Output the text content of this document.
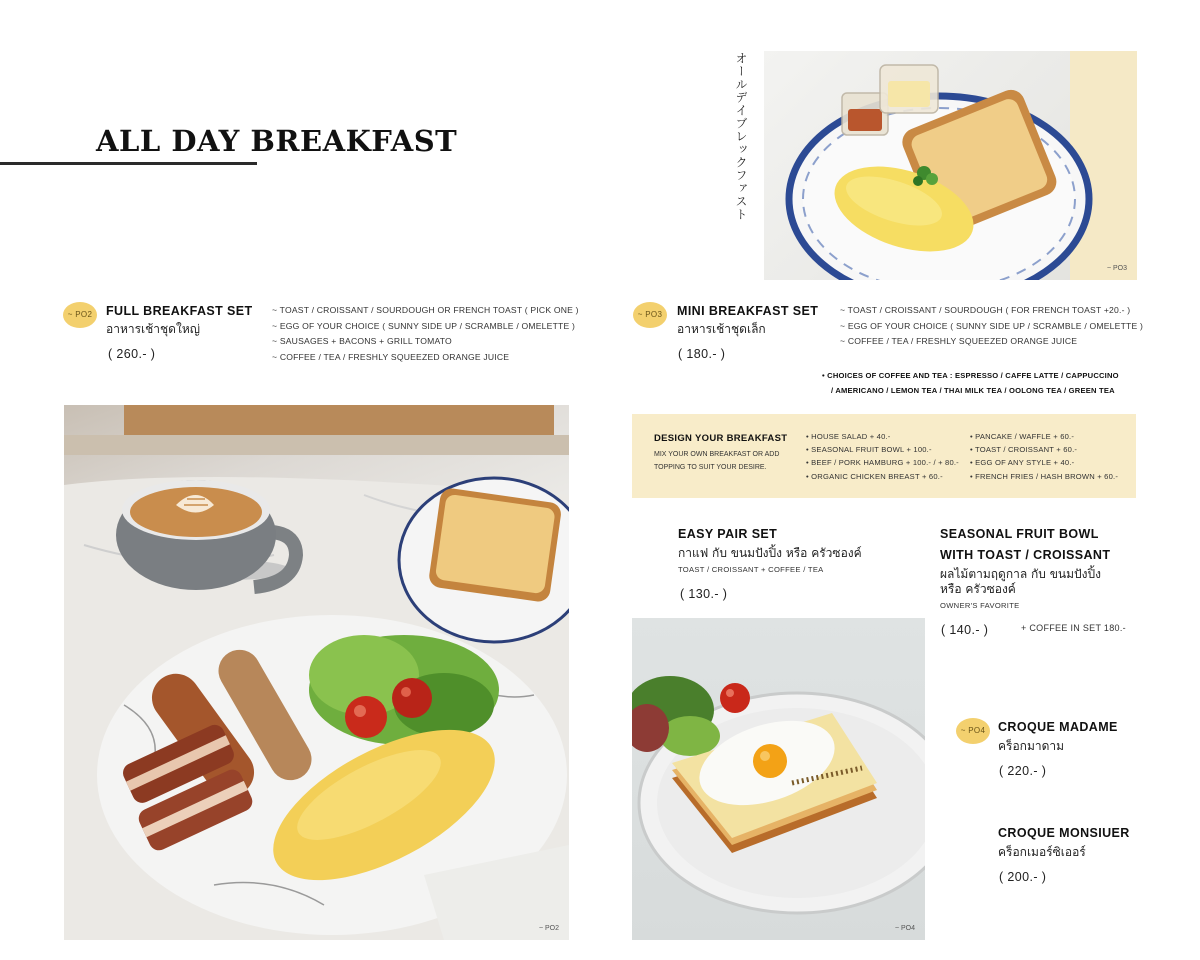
ALL DAY BREAKFAST	オールデイブレックファスト
~ PO3
~ PO2	FULL BREAKFAST SET
อาหารเช้าชุดใหญ่
( 260.- )
~ TOAST / CROISSANT / SOURDOUGH OR FRENCH TOAST ( PICK ONE )
~ EGG OF YOUR CHOICE ( SUNNY SIDE UP / SCRAMBLE / OMELETTE )
~ SAUSAGES + BACONS + GRILL TOMATO
~ COFFEE / TEA / FRESHLY SQUEEZED ORANGE JUICE
~ PO3	MINI BREAKFAST SET
อาหารเช้าชุดเล็ก
( 180.- )
~ TOAST / CROISSANT / SOURDOUGH ( FOR FRENCH TOAST +20.- )
~ EGG OF YOUR CHOICE ( SUNNY SIDE UP / SCRAMBLE / OMELETTE )
~ COFFEE / TEA / FRESHLY SQUEEZED ORANGE JUICE
• CHOICES OF COFFEE AND TEA : ESPRESSO / CAFFE LATTE / CAPPUCCINO
/ AMERICANO / LEMON TEA / THAI MILK TEA / OOLONG TEA / GREEN TEA
~ PO2
DESIGN YOUR BREAKFAST
MIX YOUR OWN BREAKFAST OR ADD TOPPING TO SUIT YOUR DESIRE.
• HOUSE SALAD + 40.-
• SEASONAL FRUIT BOWL + 100.-
• BEEF / PORK HAMBURG + 100.- / + 80.-
• ORGANIC CHICKEN BREAST + 60.-
• PANCAKE / WAFFLE + 60.-
• TOAST / CROISSANT + 60.-
• EGG OF ANY STYLE + 40.-
• FRENCH FRIES / HASH BROWN + 60.-
EASY PAIR SET
กาแฟ กับ ขนมปังปิ้ง หรือ ครัวซองค์
TOAST / CROISSANT + COFFEE / TEA
( 130.- )
SEASONAL FRUIT BOWL
WITH TOAST / CROISSANT
ผลไม้ตามฤดูกาล กับ ขนมปังปิ้ง
หรือ ครัวซองค์
OWNER'S FAVORITE
( 140.- )	+ COFFEE IN SET 180.-
~ PO4
~ PO4	CROQUE MADAME
คร็อกมาดาม
( 220.- )
CROQUE MONSIUER
คร็อกเมอร์ซิเออร์
( 200.- )
